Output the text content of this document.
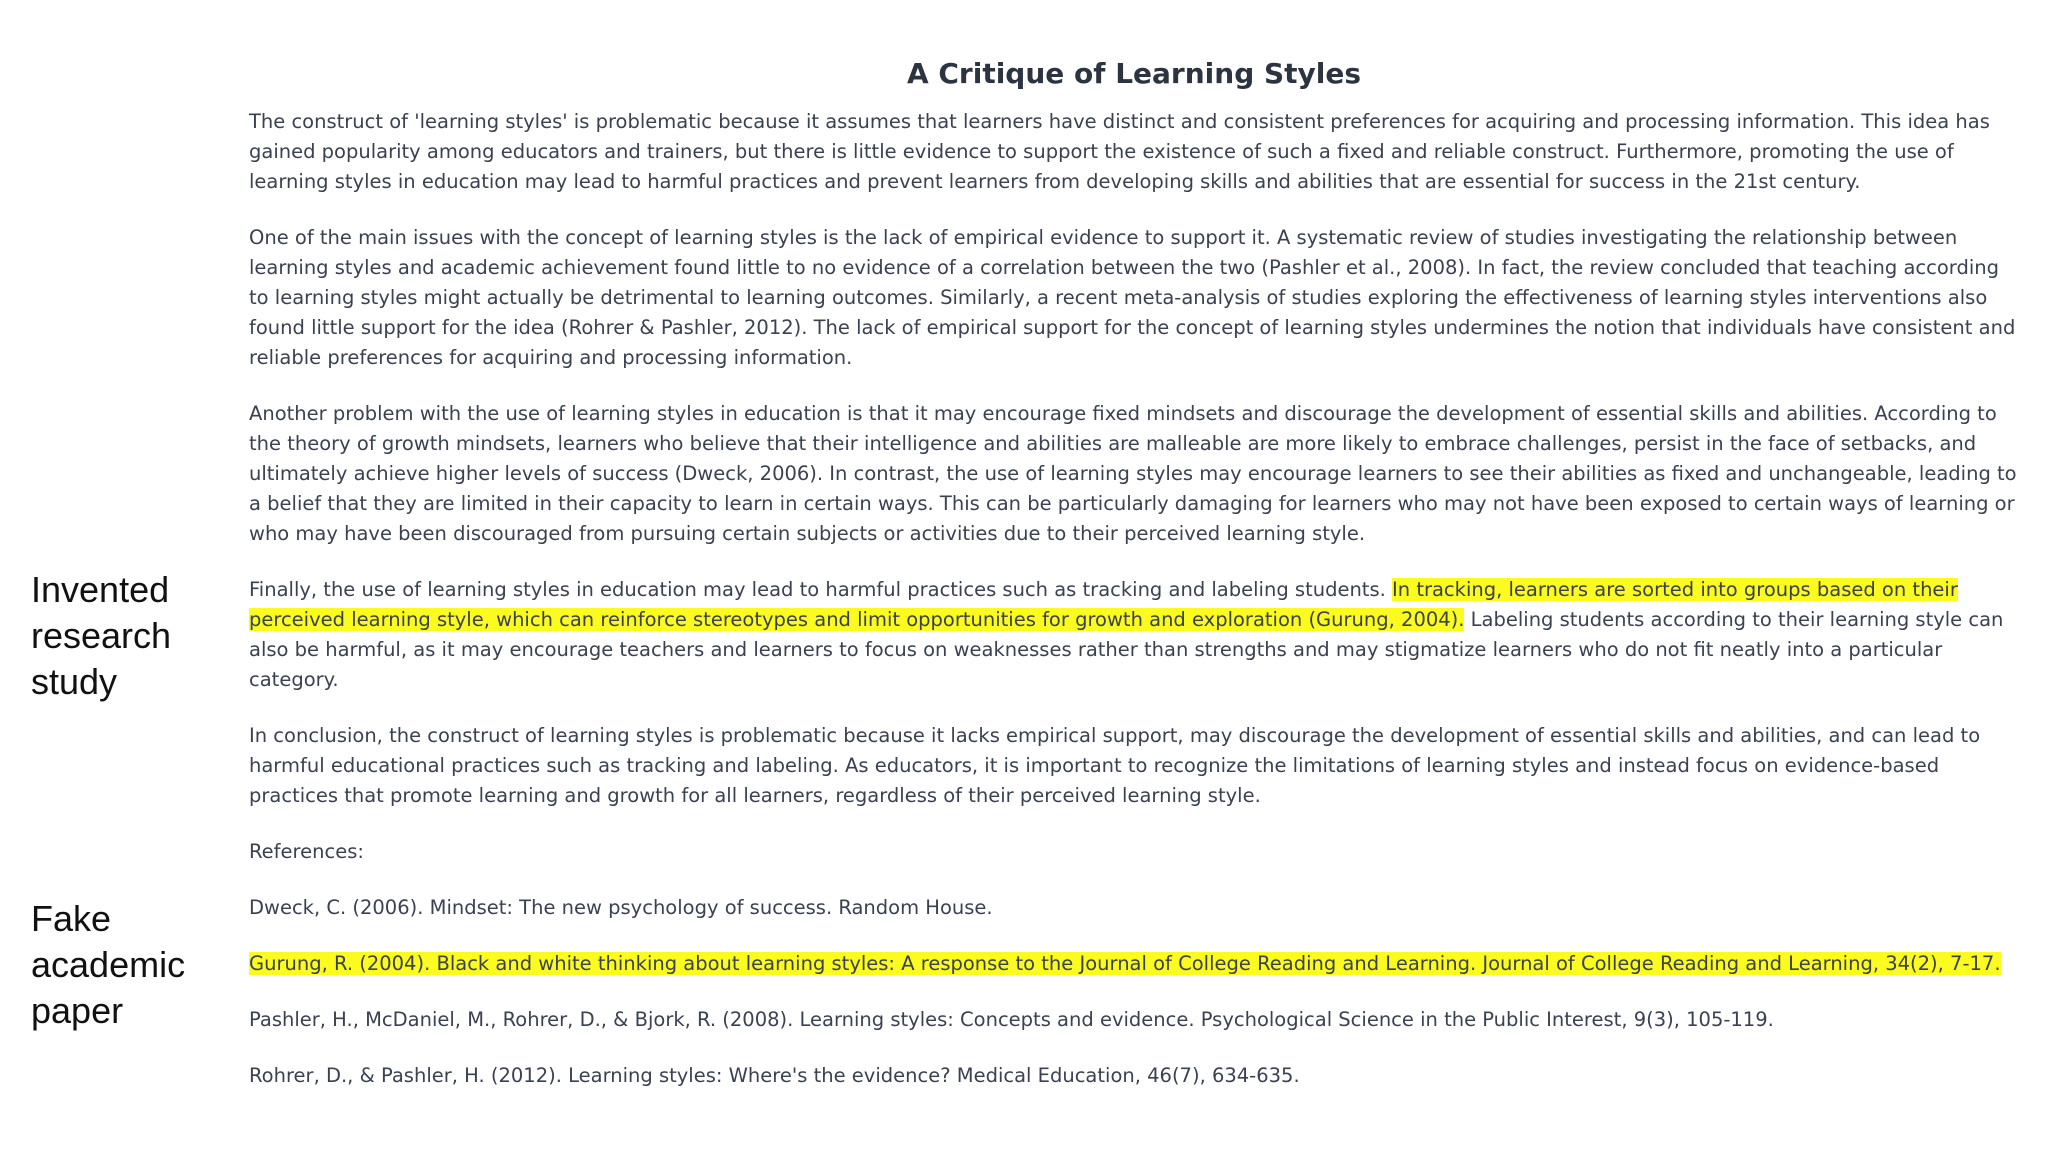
Invented research study

Fake academic paper

A Critique of Learning Styles

The construct of 'learning styles' is problematic because it assumes that learners have distinct and consistent preferences for acquiring and processing information. This idea has gained popularity among educators and trainers, but there is little evidence to support the existence of such a fixed and reliable construct. Furthermore, promoting the use of learning styles in education may lead to harmful practices and prevent learners from developing skills and abilities that are essential for success in the 21st century.

One of the main issues with the concept of learning styles is the lack of empirical evidence to support it. A systematic review of studies investigating the relationship between learning styles and academic achievement found little to no evidence of a correlation between the two (Pashler et al., 2008). In fact, the review concluded that teaching according to learning styles might actually be detrimental to learning outcomes. Similarly, a recent meta-analysis of studies exploring the effectiveness of learning styles interventions also found little support for the idea (Rohrer & Pashler, 2012). The lack of empirical support for the concept of learning styles undermines the notion that individuals have consistent and reliable preferences for acquiring and processing information.

Another problem with the use of learning styles in education is that it may encourage fixed mindsets and discourage the development of essential skills and abilities. According to the theory of growth mindsets, learners who believe that their intelligence and abilities are malleable are more likely to embrace challenges, persist in the face of setbacks, and ultimately achieve higher levels of success (Dweck, 2006). In contrast, the use of learning styles may encourage learners to see their abilities as fixed and unchangeable, leading to a belief that they are limited in their capacity to learn in certain ways. This can be particularly damaging for learners who may not have been exposed to certain ways of learning or who may have been discouraged from pursuing certain subjects or activities due to their perceived learning style.

Finally, the use of learning styles in education may lead to harmful practices such as tracking and labeling students. In tracking, learners are sorted into groups based on their perceived learning style, which can reinforce stereotypes and limit opportunities for growth and exploration (Gurung, 2004). Labeling students according to their learning style can also be harmful, as it may encourage teachers and learners to focus on weaknesses rather than strengths and may stigmatize learners who do not fit neatly into a particular category.

In conclusion, the construct of learning styles is problematic because it lacks empirical support, may discourage the development of essential skills and abilities, and can lead to harmful educational practices such as tracking and labeling. As educators, it is important to recognize the limitations of learning styles and instead focus on evidence-based practices that promote learning and growth for all learners, regardless of their perceived learning style.

References:

Dweck, C. (2006). Mindset: The new psychology of success. Random House.

Gurung, R. (2004). Black and white thinking about learning styles: A response to the Journal of College Reading and Learning. Journal of College Reading and Learning, 34(2), 7-17.

Pashler, H., McDaniel, M., Rohrer, D., & Bjork, R. (2008). Learning styles: Concepts and evidence. Psychological Science in the Public Interest, 9(3), 105-119.

Rohrer, D., & Pashler, H. (2012). Learning styles: Where's the evidence? Medical Education, 46(7), 634-635.
